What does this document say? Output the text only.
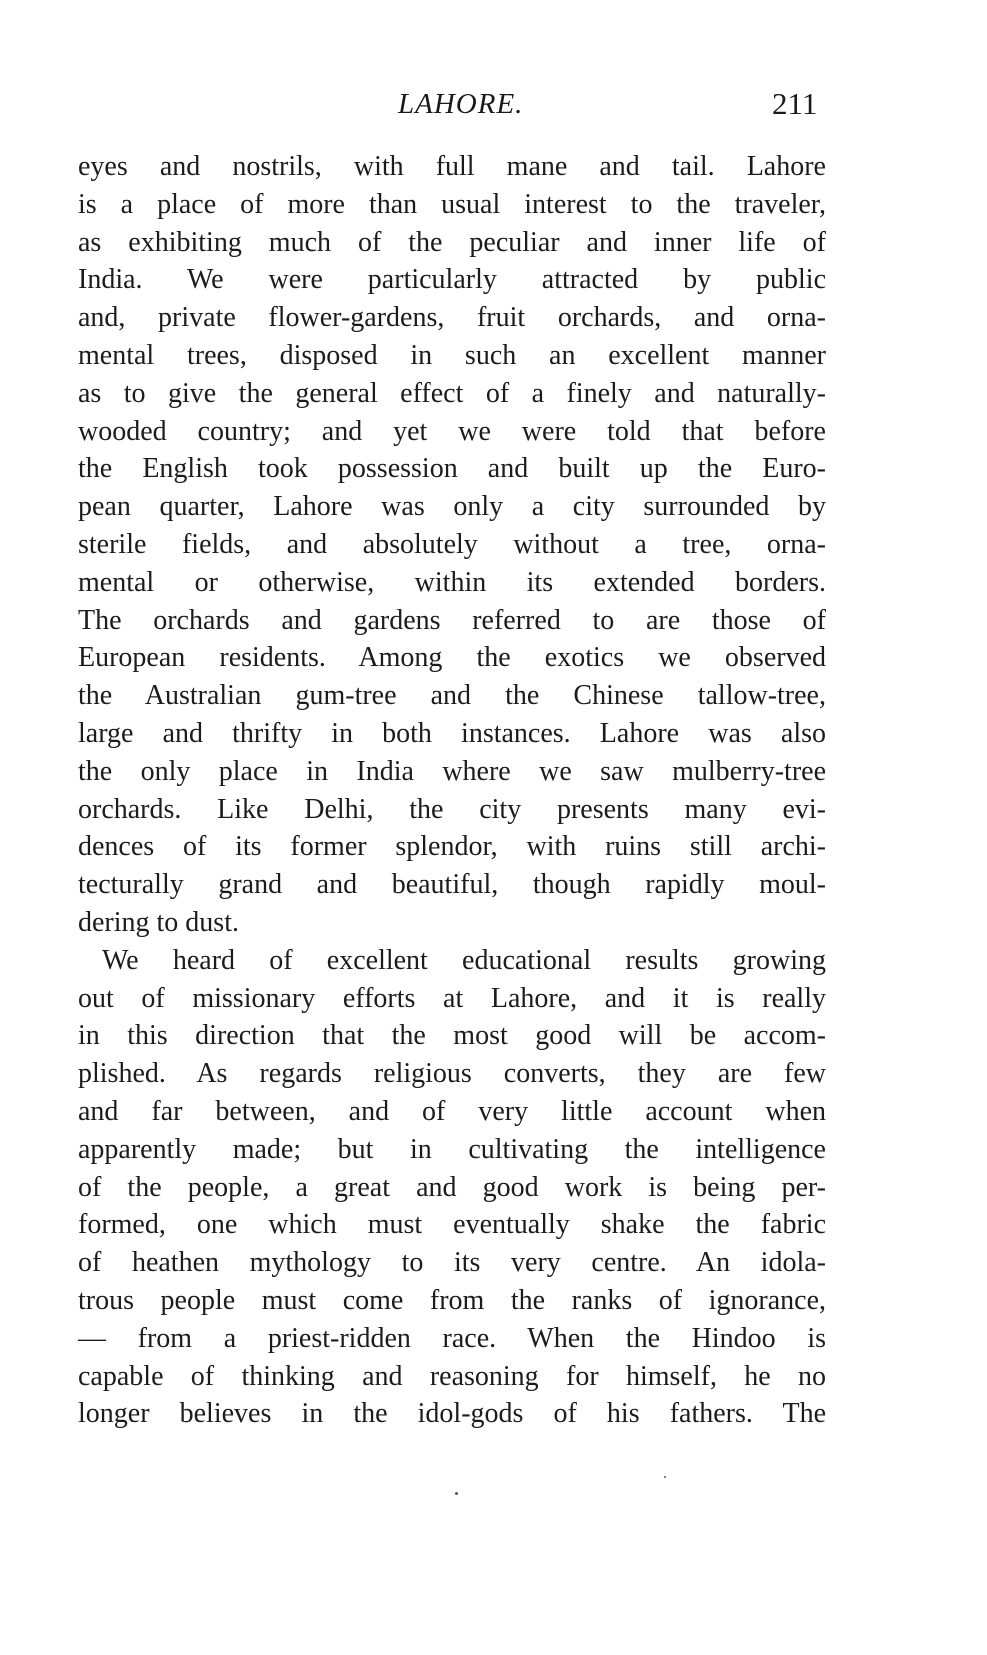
LAHORE.	211
eyes and nostrils, with full mane and tail. Lahore
is a place of more than usual interest to the traveler,
as exhibiting much of the peculiar and inner life of
India. We were particularly attracted by public
and, private flower-gardens, fruit orchards, and orna-
mental trees, disposed in such an excellent manner
as to give the general effect of a finely and naturally-
wooded country; and yet we were told that before
the English took possession and built up the Euro-
pean quarter, Lahore was only a city surrounded by
sterile fields, and absolutely without a tree, orna-
mental or otherwise, within its extended borders.
The orchards and gardens referred to are those of
European residents. Among the exotics we observed
the Australian gum-tree and the Chinese tallow-tree,
large and thrifty in both instances. Lahore was also
the only place in India where we saw mulberry-tree
orchards. Like Delhi, the city presents many evi-
dences of its former splendor, with ruins still archi-
tecturally grand and beautiful, though rapidly moul-
dering to dust.
We heard of excellent educational results growing
out of missionary efforts at Lahore, and it is really
in this direction that the most good will be accom-
plished. As regards religious converts, they are few
and far between, and of very little account when
apparently made; but in cultivating the intelligence
of the people, a great and good work is being per-
formed, one which must eventually shake the fabric
of heathen mythology to its very centre. An idola-
trous people must come from the ranks of ignorance,
— from a priest-ridden race. When the Hindoo is
capable of thinking and reasoning for himself, he no
longer believes in the idol-gods of his fathers. The
